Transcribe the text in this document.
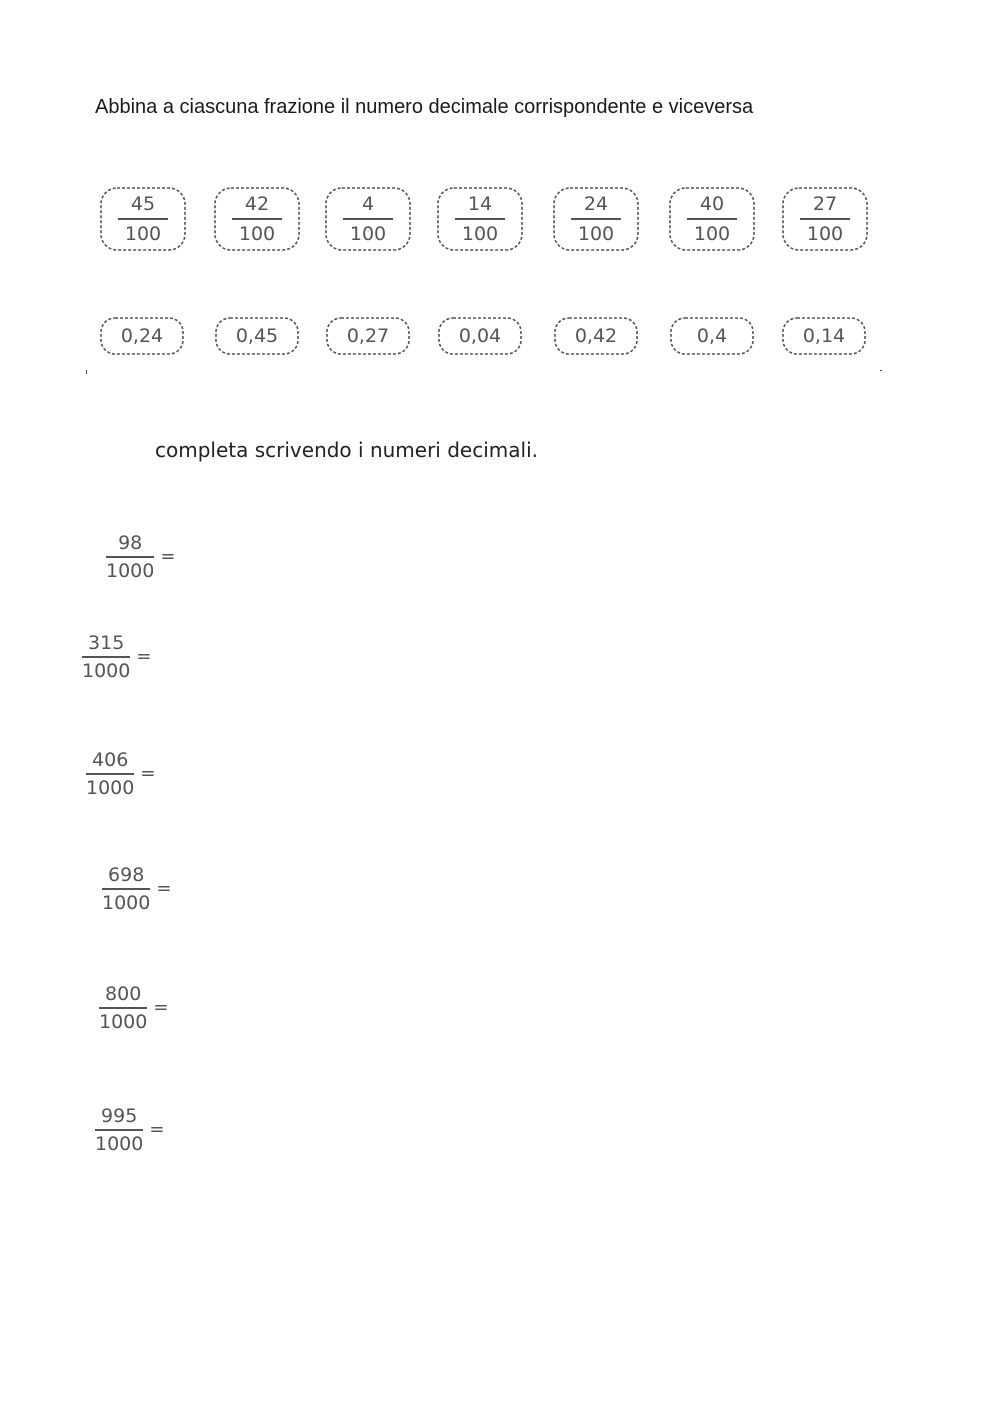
Abbina a ciascuna frazione il numero decimale corrispondente e viceversa
45
100
42
100
4
100
14
100
24
100
40
100
27
100
0,24	0,45	0,27	0,04	0,42	0,4	0,14
completa scrivendo i numeri decimali.
98
1000
=
315
1000
=
406
1000
=
698
1000
=
800
1000
=
995
1000
=
